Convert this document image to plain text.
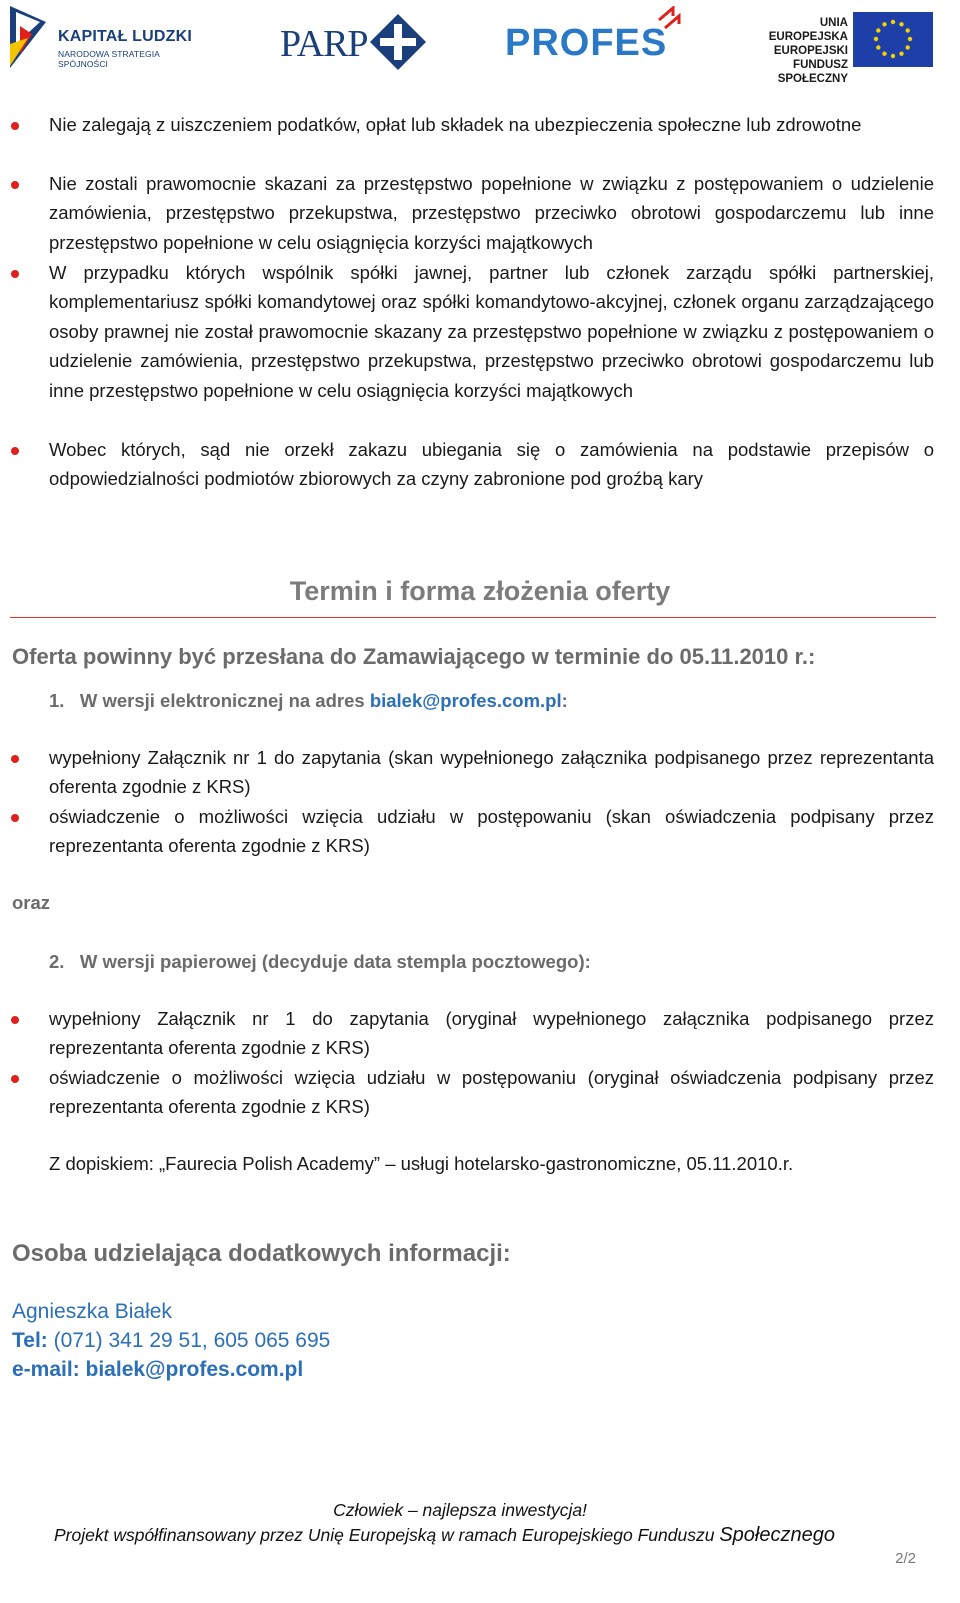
KAPITAŁ LUDZKI
NARODOWA STRATEGIA SPÓJNOŚCI	PARP	PROFES	UNIA EUROPEJSKA
EUROPEJSKI
FUNDUSZ SPOŁECZNY
Nie zalegają z uiszczeniem podatków, opłat lub składek na ubezpieczenia społeczne lub zdrowotne
Nie zostali prawomocnie skazani za przestępstwo popełnione w związku z postępowaniem o udzielenie zamówienia, przestępstwo przekupstwa, przestępstwo przeciwko obrotowi gospodarczemu lub inne przestępstwo popełnione w celu osiągnięcia korzyści majątkowych
W przypadku których wspólnik spółki jawnej, partner lub członek zarządu spółki partnerskiej, komplementariusz spółki komandytowej oraz spółki komandytowo-akcyjnej, członek organu zarządzającego osoby prawnej nie został prawomocnie skazany za przestępstwo popełnione w związku z postępowaniem o udzielenie zamówienia, przestępstwo przekupstwa, przestępstwo przeciwko obrotowi gospodarczemu lub inne przestępstwo popełnione w celu osiągnięcia korzyści majątkowych
Wobec których, sąd nie orzekł zakazu ubiegania się o zamówienia na podstawie przepisów o odpowiedzialności podmiotów zbiorowych za czyny zabronione pod groźbą kary
Termin i forma złożenia oferty
Oferta powinny być przesłana do Zamawiającego w terminie do 05.11.2010 r.:
1. W wersji elektronicznej na adres bialek@profes.com.pl:
wypełniony Załącznik nr 1 do zapytania (skan wypełnionego załącznika podpisanego przez reprezentanta oferenta zgodnie z KRS)
oświadczenie o możliwości wzięcia udziału w postępowaniu (skan oświadczenia podpisany przez reprezentanta oferenta zgodnie z KRS)
oraz
2. W wersji papierowej (decyduje data stempla pocztowego):
wypełniony Załącznik nr 1 do zapytania (oryginał wypełnionego załącznika podpisanego przez reprezentanta oferenta zgodnie z KRS)
oświadczenie o możliwości wzięcia udziału w postępowaniu (oryginał oświadczenia podpisany przez reprezentanta oferenta zgodnie z KRS)
Z dopiskiem: „Faurecia Polish Academy” – usługi hotelarsko-gastronomiczne, 05.11.2010.r.
Osoba udzielająca dodatkowych informacji:
Agnieszka Białek
Tel: (071) 341 29 51, 605 065 695
e-mail: bialek@profes.com.pl
Człowiek – najlepsza inwestycja!
Projekt współfinansowany przez Unię Europejską w ramach Europejskiego Funduszu Społecznego
2/2
